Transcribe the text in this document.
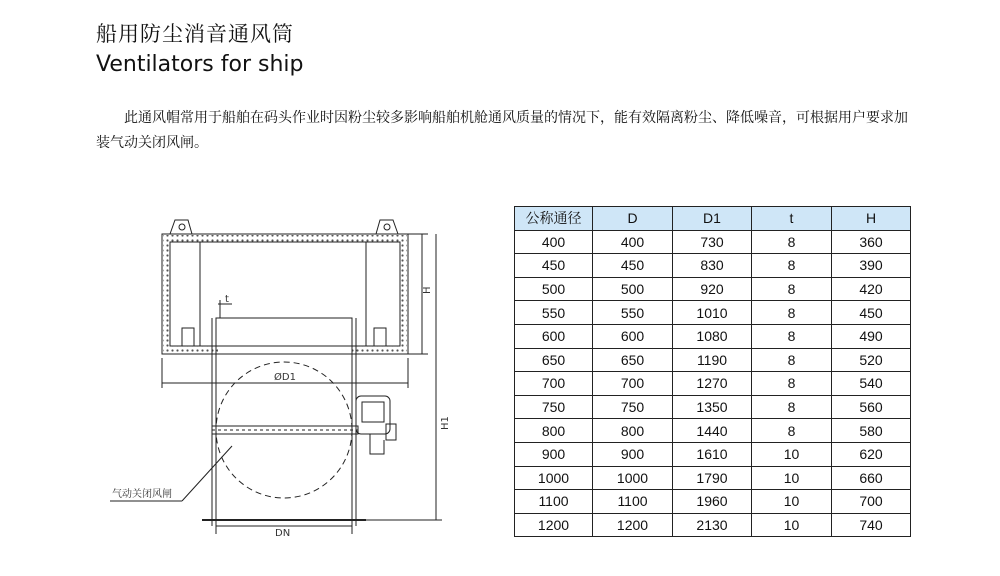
船用防尘消音通风筒
Ventilators for ship
此通风帽常用于船舶在码头作业时因粉尘较多影响船舶机舱通风质量的情况下，能有效隔离粉尘、降低噪音，可根据用户要求加装气动关闭风闸。
t
ØD1
DN
H
H1
气动关闭风闸
公称通径	D	D1	t	H
400	400	730	8	360
450	450	830	8	390
500	500	920	8	420
550	550	1010	8	450
600	600	1080	8	490
650	650	1190	8	520
700	700	1270	8	540
750	750	1350	8	560
800	800	1440	8	580
900	900	1610	10	620
1000	1000	1790	10	660
1100	1100	1960	10	700
1200	1200	2130	10	740
